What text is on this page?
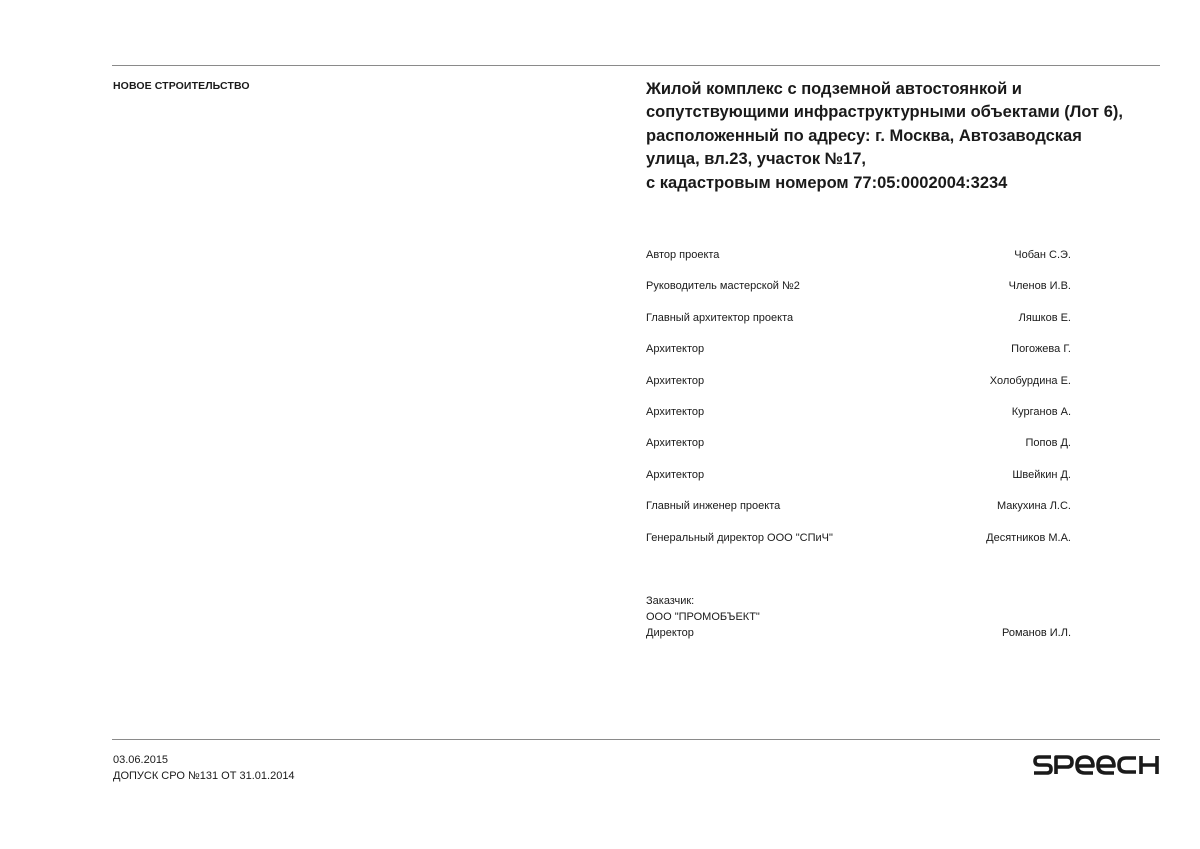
НОВОЕ СТРОИТЕЛЬСТВО	Жилой комплекс с подземной автостоянкой и
сопутствующими инфраструктурными объектами (Лот 6),
расположенный по адресу: г. Москва, Автозаводская
улица, вл.23, участок №17,
с кадастровым номером 77:05:0002004:3234
Автор проекта	Чобан С.Э.
Руководитель мастерской №2	Членов И.В.
Главный архитектор проекта	Ляшков Е.
Архитектор	Погожева Г.
Архитектор	Холобурдина Е.
Архитектор	Курганов А.
Архитектор	Попов Д.
Архитектор	Швейкин Д.
Главный инженер проекта	Макухина Л.С.
Генеральный директор ООО "СПиЧ"	Десятников М.А.
Заказчик:
ООО "ПРОМОБЪЕКТ"
Директор	Романов И.Л.
03.06.2015
ДОПУСК СРО №131 ОТ 31.01.2014
